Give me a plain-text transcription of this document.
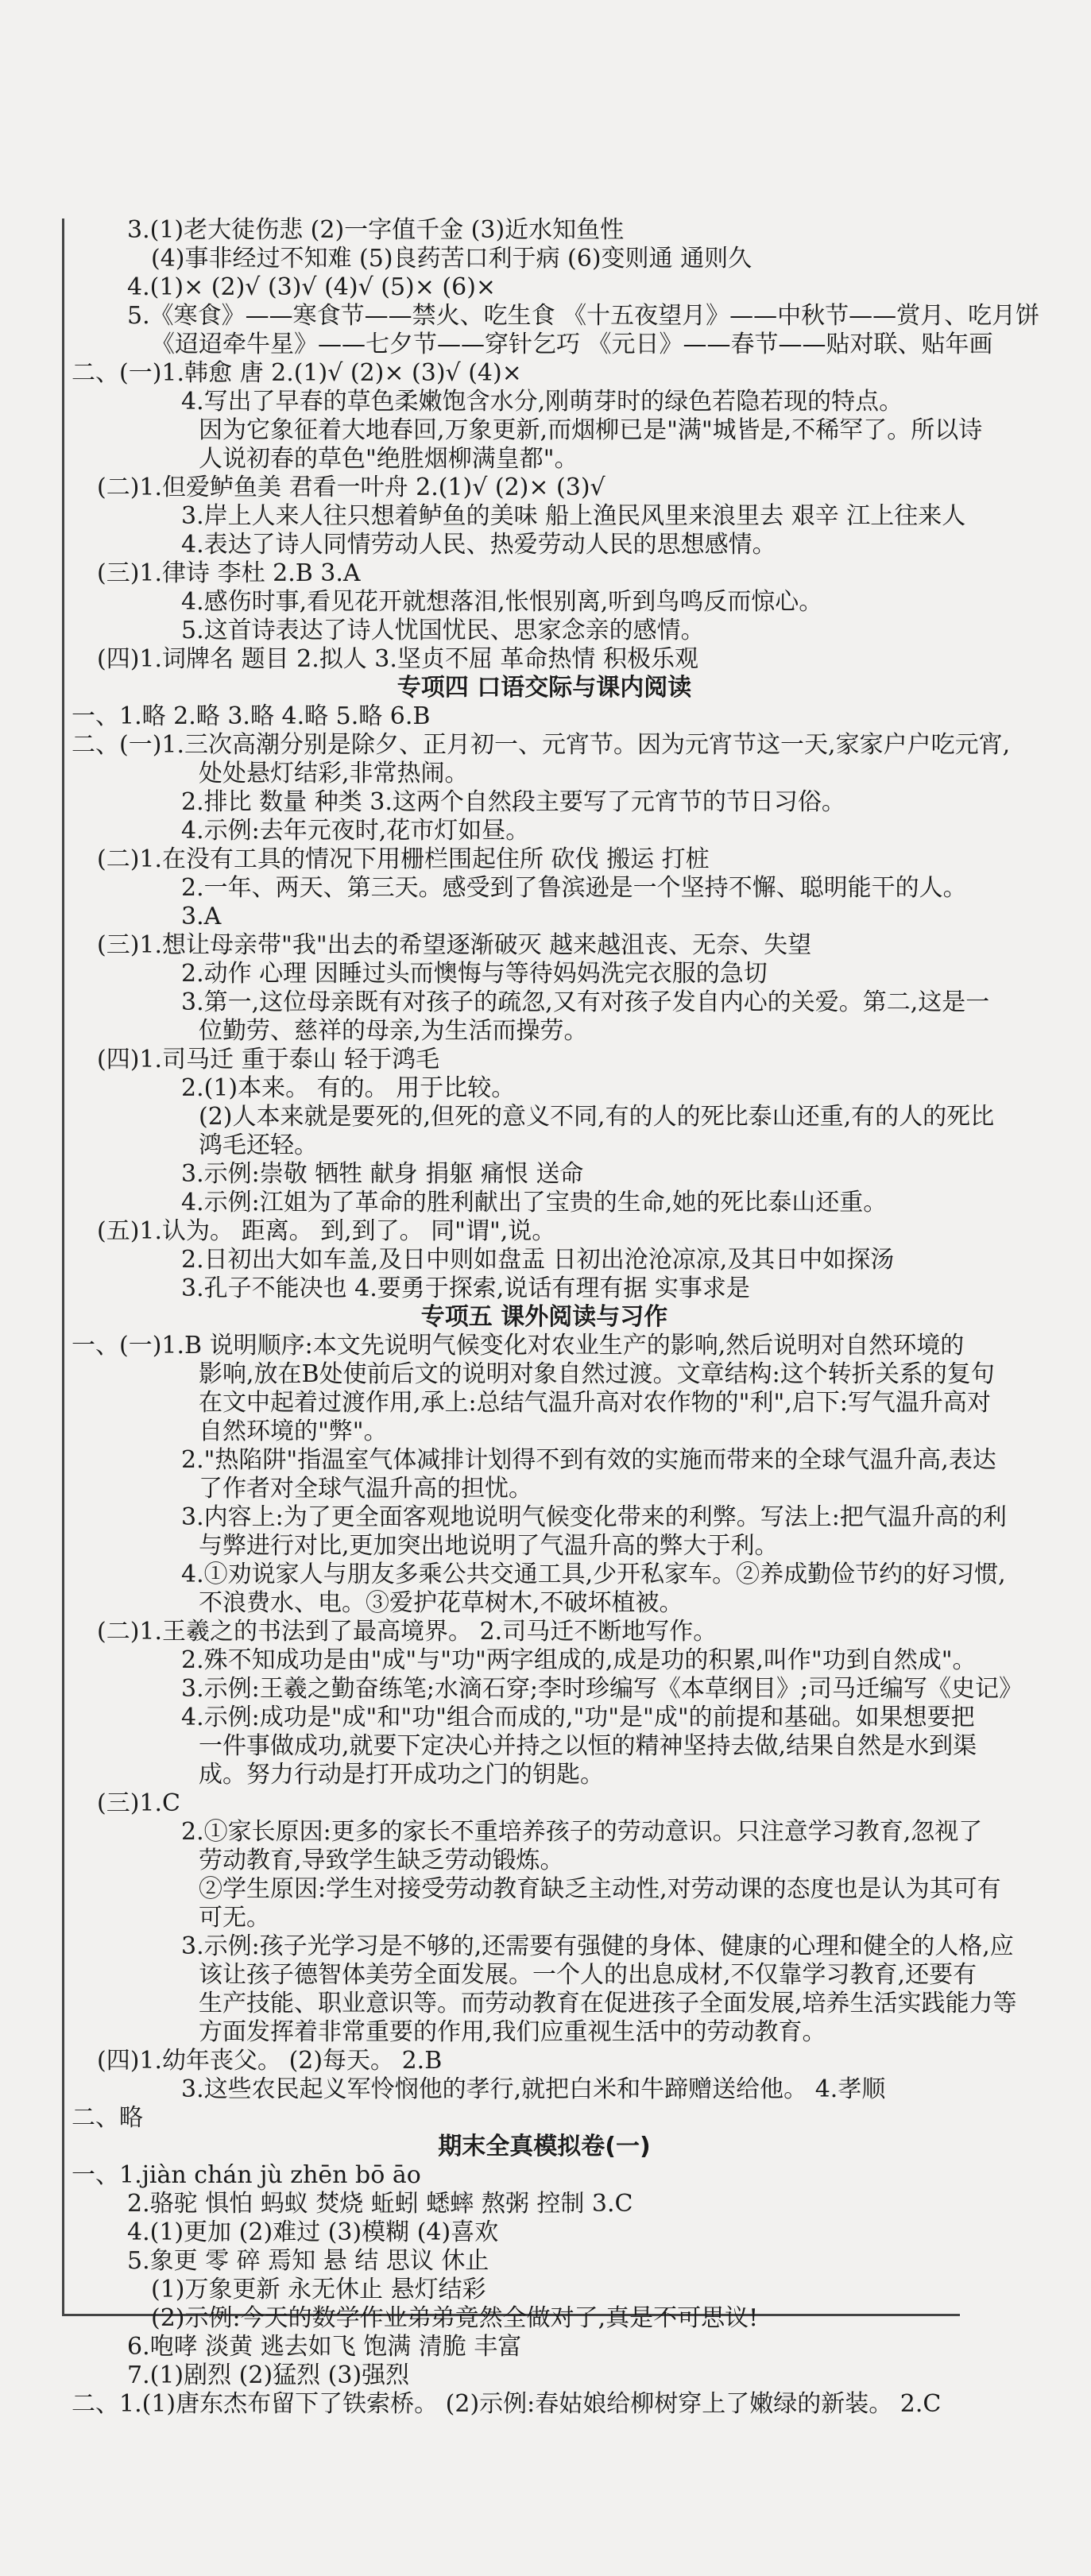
3.(1)老大徒伤悲 (2)一字值千金 (3)近水知鱼性
(4)事非经过不知难 (5)良药苦口利于病 (6)变则通 通则久
4.(1)× (2)√ (3)√ (4)√ (5)× (6)×
5.《寒食》——寒食节——禁火、吃生食 《十五夜望月》——中秋节——赏月、吃月饼
《迢迢牵牛星》——七夕节——穿针乞巧 《元日》——春节——贴对联、贴年画
二、(一)1.韩愈 唐 2.(1)√ (2)× (3)√ (4)×
4.写出了早春的草色柔嫩饱含水分,刚萌芽时的绿色若隐若现的特点。
因为它象征着大地春回,万象更新,而烟柳已是"满"城皆是,不稀罕了。所以诗
人说初春的草色"绝胜烟柳满皇都"。
(二)1.但爱鲈鱼美 君看一叶舟 2.(1)√ (2)× (3)√
3.岸上人来人往只想着鲈鱼的美味 船上渔民风里来浪里去 艰辛 江上往来人
4.表达了诗人同情劳动人民、热爱劳动人民的思想感情。
(三)1.律诗 李杜 2.B 3.A
4.感伤时事,看见花开就想落泪,怅恨别离,听到鸟鸣反而惊心。
5.这首诗表达了诗人忧国忧民、思家念亲的感情。
(四)1.词牌名 题目 2.拟人 3.坚贞不屈 革命热情 积极乐观
专项四 口语交际与课内阅读
一、1.略 2.略 3.略 4.略 5.略 6.B
二、(一)1.三次高潮分别是除夕、正月初一、元宵节。因为元宵节这一天,家家户户吃元宵,
处处悬灯结彩,非常热闹。
2.排比 数量 种类 3.这两个自然段主要写了元宵节的节日习俗。
4.示例:去年元夜时,花市灯如昼。
(二)1.在没有工具的情况下用栅栏围起住所 砍伐 搬运 打桩
2.一年、两天、第三天。感受到了鲁滨逊是一个坚持不懈、聪明能干的人。
3.A
(三)1.想让母亲带"我"出去的希望逐渐破灭 越来越沮丧、无奈、失望
2.动作 心理 因睡过头而懊悔与等待妈妈洗完衣服的急切
3.第一,这位母亲既有对孩子的疏忽,又有对孩子发自内心的关爱。第二,这是一
位勤劳、慈祥的母亲,为生活而操劳。
(四)1.司马迁 重于泰山 轻于鸿毛
2.(1)本来。 有的。 用于比较。
(2)人本来就是要死的,但死的意义不同,有的人的死比泰山还重,有的人的死比
鸿毛还轻。
3.示例:崇敬 牺牲 献身 捐躯 痛恨 送命
4.示例:江姐为了革命的胜利献出了宝贵的生命,她的死比泰山还重。
(五)1.认为。 距离。 到,到了。 同"谓",说。
2.日初出大如车盖,及日中则如盘盂 日初出沧沧凉凉,及其日中如探汤
3.孔子不能决也 4.要勇于探索,说话有理有据 实事求是
专项五 课外阅读与习作
一、(一)1.B 说明顺序:本文先说明气候变化对农业生产的影响,然后说明对自然环境的
影响,放在B处使前后文的说明对象自然过渡。文章结构:这个转折关系的复句
在文中起着过渡作用,承上:总结气温升高对农作物的"利",启下:写气温升高对
自然环境的"弊"。
2."热陷阱"指温室气体减排计划得不到有效的实施而带来的全球气温升高,表达
了作者对全球气温升高的担忧。
3.内容上:为了更全面客观地说明气候变化带来的利弊。写法上:把气温升高的利
与弊进行对比,更加突出地说明了气温升高的弊大于利。
4.①劝说家人与朋友多乘公共交通工具,少开私家车。②养成勤俭节约的好习惯,
不浪费水、电。③爱护花草树木,不破坏植被。
(二)1.王羲之的书法到了最高境界。 2.司马迁不断地写作。
2.殊不知成功是由"成"与"功"两字组成的,成是功的积累,叫作"功到自然成"。
3.示例:王羲之勤奋练笔;水滴石穿;李时珍编写《本草纲目》;司马迁编写《史记》
4.示例:成功是"成"和"功"组合而成的,"功"是"成"的前提和基础。如果想要把
一件事做成功,就要下定决心并持之以恒的精神坚持去做,结果自然是水到渠
成。努力行动是打开成功之门的钥匙。
(三)1.C
2.①家长原因:更多的家长不重培养孩子的劳动意识。只注意学习教育,忽视了
劳动教育,导致学生缺乏劳动锻炼。
②学生原因:学生对接受劳动教育缺乏主动性,对劳动课的态度也是认为其可有
可无。
3.示例:孩子光学习是不够的,还需要有强健的身体、健康的心理和健全的人格,应
该让孩子德智体美劳全面发展。一个人的出息成材,不仅靠学习教育,还要有
生产技能、职业意识等。而劳动教育在促进孩子全面发展,培养生活实践能力等
方面发挥着非常重要的作用,我们应重视生活中的劳动教育。
(四)1.幼年丧父。 (2)每天。 2.B
3.这些农民起义军怜悯他的孝行,就把白米和牛蹄赠送给他。 4.孝顺
二、略
期末全真模拟卷(一)
一、1.jiàn chán jù zhēn bō āo
2.骆驼 惧怕 蚂蚁 焚烧 蚯蚓 蟋蟀 熬粥 控制 3.C
4.(1)更加 (2)难过 (3)模糊 (4)喜欢
5.象更 零 碎 焉知 悬 结 思议 休止
(1)万象更新 永无休止 悬灯结彩
(2)示例:今天的数学作业弟弟竟然全做对了,真是不可思议!
6.咆哮 淡黄 逃去如飞 饱满 清脆 丰富
7.(1)剧烈 (2)猛烈 (3)强烈
二、1.(1)唐东杰布留下了铁索桥。 (2)示例:春姑娘给柳树穿上了嫩绿的新装。 2.C
